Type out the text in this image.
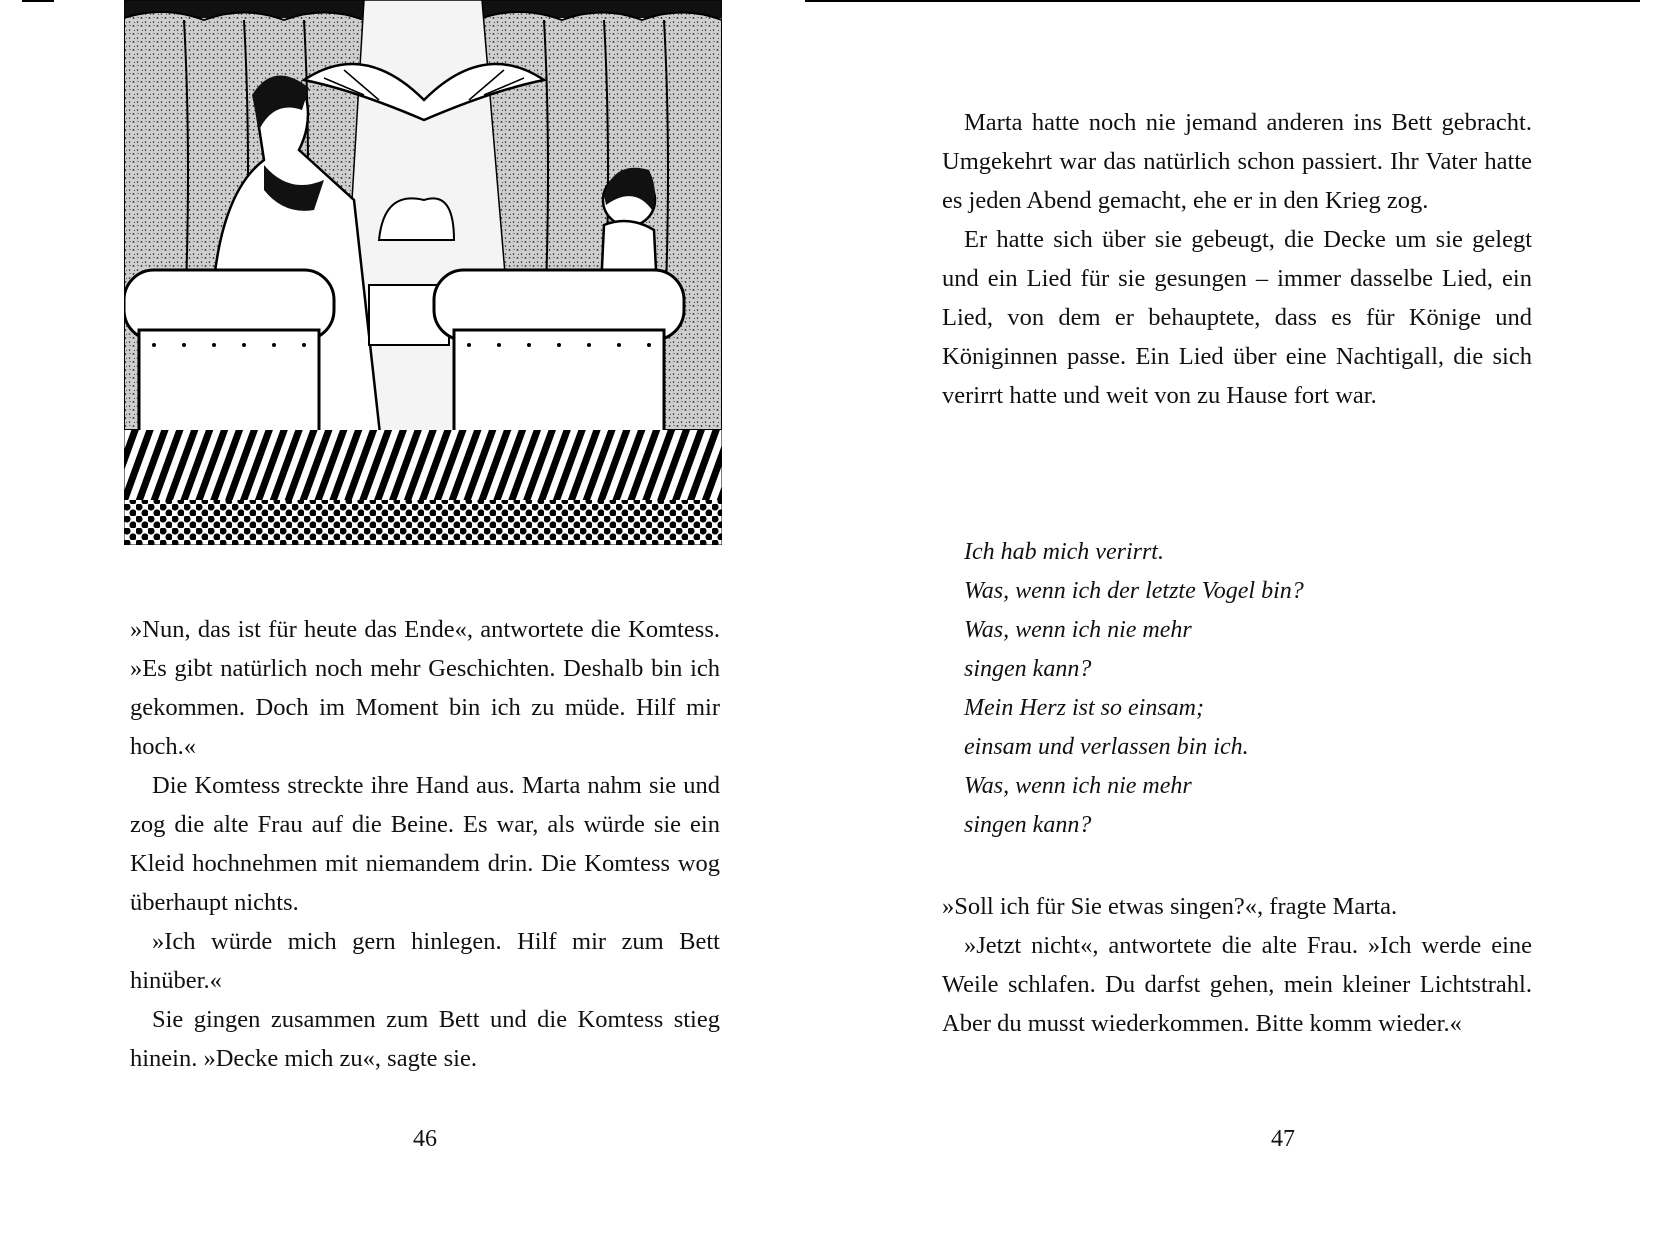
»Nun, das ist für heute das Ende«, antwortete die Komtess. »Es gibt natürlich noch mehr Geschichten. Deshalb bin ich gekommen. Doch im Moment bin ich zu müde. Hilf mir hoch.«

Die Komtess streckte ihre Hand aus. Marta nahm sie und zog die alte Frau auf die Beine. Es war, als würde sie ein Kleid hochnehmen mit niemandem drin. Die Komtess wog überhaupt nichts.

»Ich würde mich gern hinlegen. Hilf mir zum Bett hinüber.«

Sie gingen zusammen zum Bett und die Komtess stieg hinein. »Decke mich zu«, sagte sie.

46

Marta hatte noch nie jemand anderen ins Bett gebracht. Umgekehrt war das natürlich schon passiert. Ihr Vater hatte es jeden Abend gemacht, ehe er in den Krieg zog.

Er hatte sich über sie gebeugt, die Decke um sie gelegt und ein Lied für sie gesungen – immer dasselbe Lied, ein Lied, von dem er behauptete, dass es für Könige und Königinnen passe. Ein Lied über eine Nachtigall, die sich verirrt hatte und weit von zu Hause fort war.

Ich hab mich verirrt.
Was, wenn ich der letzte Vogel bin?
Was, wenn ich nie mehr
singen kann?
Mein Herz ist so einsam;
einsam und verlassen bin ich.
Was, wenn ich nie mehr
singen kann?

»Soll ich für Sie etwas singen?«, fragte Marta.

»Jetzt nicht«, antwortete die alte Frau. »Ich werde eine Weile schlafen. Du darfst gehen, mein kleiner Lichtstrahl. Aber du musst wiederkommen. Bitte komm wieder.«

47
